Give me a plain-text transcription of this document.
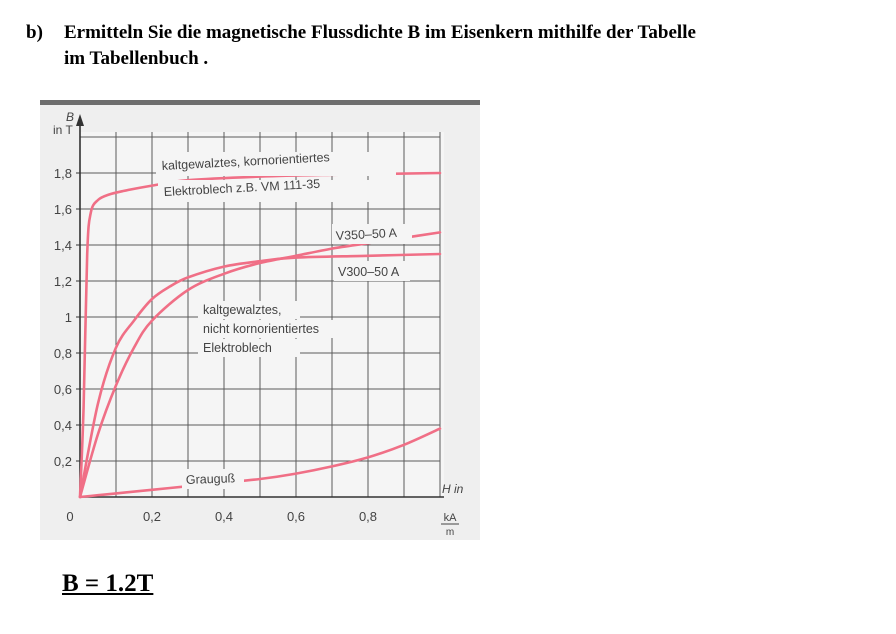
b) Ermitteln Sie die magnetische Flussdichte B im Eisenkern mithilfe der Tabelle
im Tabellenbuch .
0,2
0,4
0,6
0,8
1
1,2
1,4
1,6
1,8
0,2	0,4	0,6	0,8
0
B
in T
H in
kA
m
kaltgewalztes, kornorientiertes
Elektroblech z.B. VM 111-35
V350–50 A
V300–50 A
kaltgewalztes,
nicht kornorientiertes
Elektroblech
Grauguß
B = 1.2T
